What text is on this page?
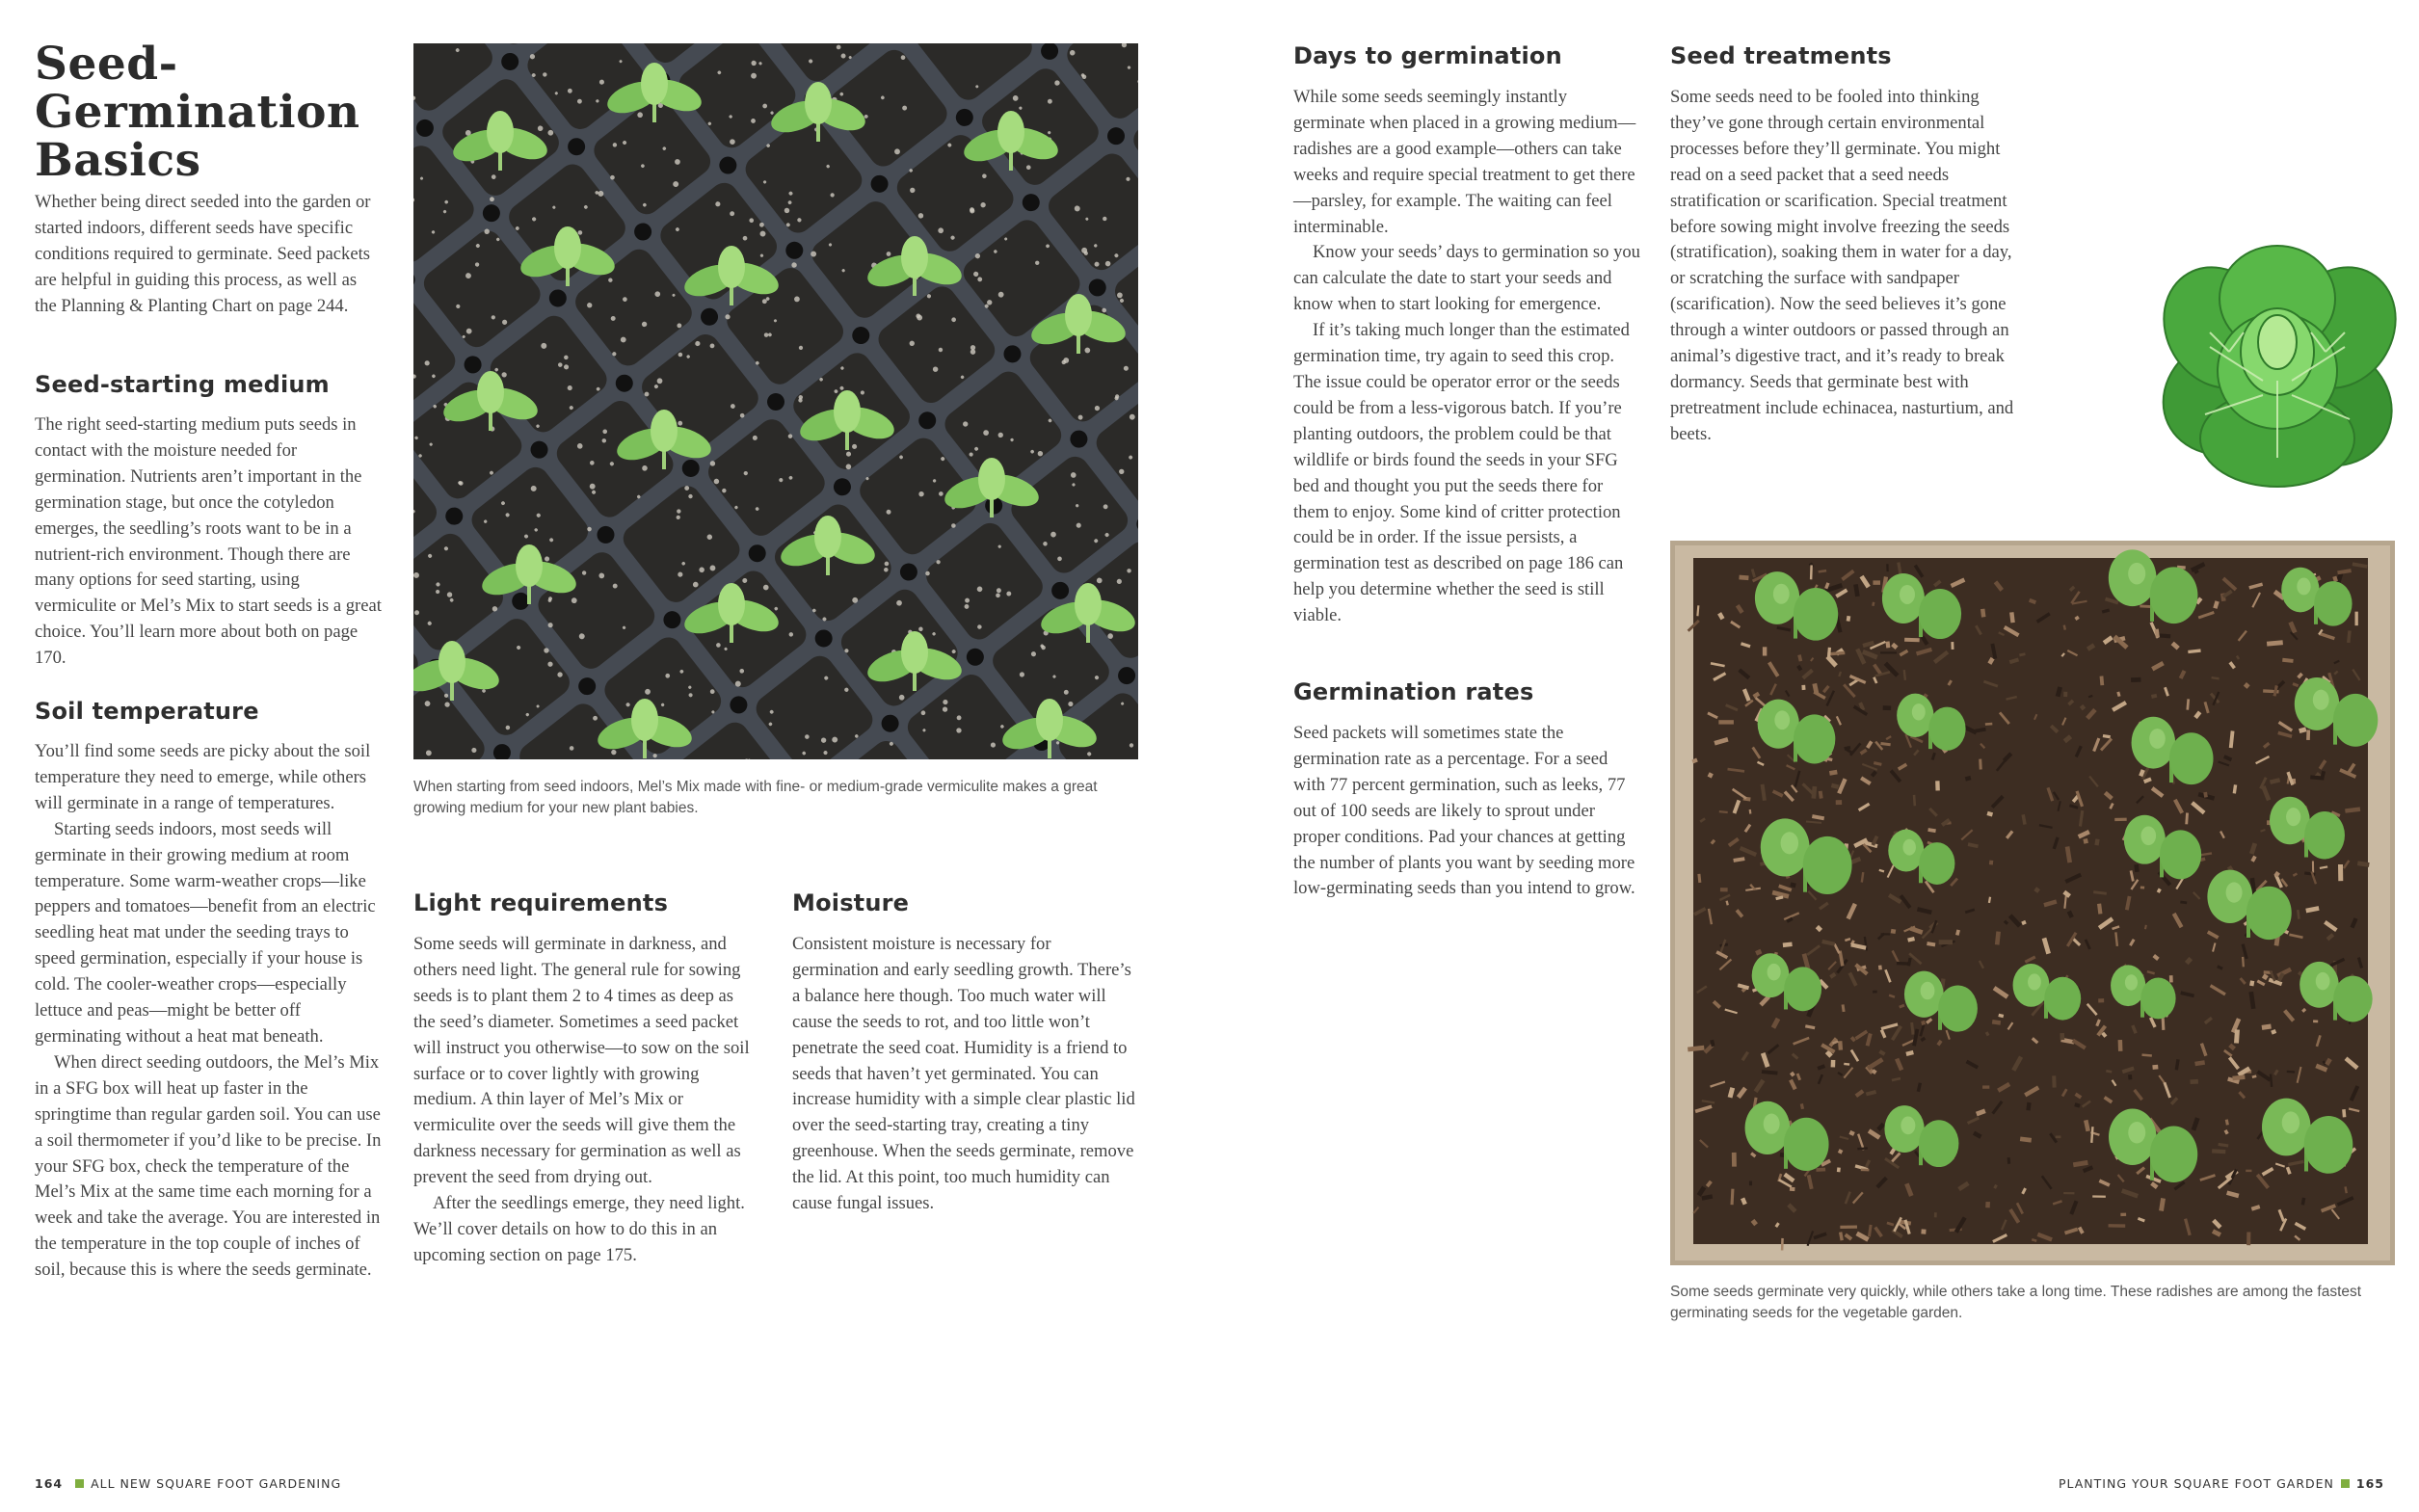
Seed-
Germination
Basics

Whether being direct seeded into the garden or started indoors, different seeds have specific conditions required to germinate. Seed packets are helpful in guiding this process, as well as the Planning & Planting Chart on page 244.

Seed-starting medium

The right seed-starting medium puts seeds in contact with the moisture needed for germination. Nutrients aren’t important in the germination stage, but once the cotyledon emerges, the seedling’s roots want to be in a nutrient-rich environment. Though there are many options for seed starting, using vermiculite or Mel’s Mix to start seeds is a great choice. You’ll learn more about both on page 170.

Soil temperature

You’ll find some seeds are picky about the soil temperature they need to emerge, while others will germinate in a range of temperatures.

Starting seeds indoors, most seeds will germinate in their growing medium at room temperature. Some warm-weather crops—like peppers and tomatoes—benefit from an electric seedling heat mat under the seeding trays to speed germination, especially if your house is cold. The cooler-weather crops—especially lettuce and peas—might be better off germinating without a heat mat beneath.

When direct seeding outdoors, the Mel’s Mix in a SFG box will heat up faster in the springtime than regular garden soil. You can use a soil thermometer if you’d like to be precise. In your SFG box, check the temperature of the Mel’s Mix at the same time each morning for a week and take the average. You are interested in the temperature in the top couple of inches of soil, because this is where the seeds germinate.

When starting from seed indoors, Mel’s Mix made with fine- or medium-grade vermiculite makes a great growing medium for your new plant babies.

Light requirements

Some seeds will germinate in darkness, and others need light. The general rule for sowing seeds is to plant them 2 to 4 times as deep as the seed’s diameter. Sometimes a seed packet will instruct you otherwise—to sow on the soil surface or to cover lightly with growing medium. A thin layer of Mel’s Mix or vermiculite over the seeds will give them the darkness necessary for germination as well as prevent the seed from drying out.

After the seedlings emerge, they need light. We’ll cover details on how to do this in an upcoming section on page 175.

Moisture

Consistent moisture is necessary for germination and early seedling growth. There’s a balance here though. Too much water will cause the seeds to rot, and too little won’t penetrate the seed coat. Humidity is a friend to seeds that haven’t yet germinated. You can increase humidity with a simple clear plastic lid over the seed-starting tray, creating a tiny greenhouse. When the seeds germinate, remove the lid. At this point, too much humidity can cause fungal issues.

164 ALL NEW SQUARE FOOT GARDENING
Days to germination

While some seeds seemingly instantly germinate when placed in a growing medium—radishes are a good example—others can take weeks and require special treatment to get there—parsley, for example. The waiting can feel interminable.

Know your seeds’ days to germination so you can calculate the date to start your seeds and know when to start looking for emergence.

If it’s taking much longer than the estimated germination time, try again to seed this crop. The issue could be operator error or the seeds could be from a less-vigorous batch. If you’re planting outdoors, the problem could be that wildlife or birds found the seeds in your SFG bed and thought you put the seeds there for them to enjoy. Some kind of critter protection could be in order. If the issue persists, a germination test as described on page 186 can help you determine whether the seed is still viable.

Germination rates

Seed packets will sometimes state the germination rate as a percentage. For a seed with 77 percent germination, such as leeks, 77 out of 100 seeds are likely to sprout under proper conditions. Pad your chances at getting the number of plants you want by seeding more low-germinating seeds than you intend to grow.

Seed treatments

Some seeds need to be fooled into thinking they’ve gone through certain environmental processes before they’ll germinate. You might read on a seed packet that a seed needs stratification or scarification. Special treatment before sowing might involve freezing the seeds (stratification), soaking them in water for a day, or scratching the surface with sandpaper (scarification). Now the seed believes it’s gone through a winter outdoors or passed through an animal’s digestive tract, and it’s ready to break dormancy. Seeds that germinate best with pretreatment include echinacea, nasturtium, and beets.

Some seeds germinate very quickly, while others take a long time. These radishes are among the fastest germinating seeds for the vegetable garden.

PLANTING YOUR SQUARE FOOT GARDEN 165
